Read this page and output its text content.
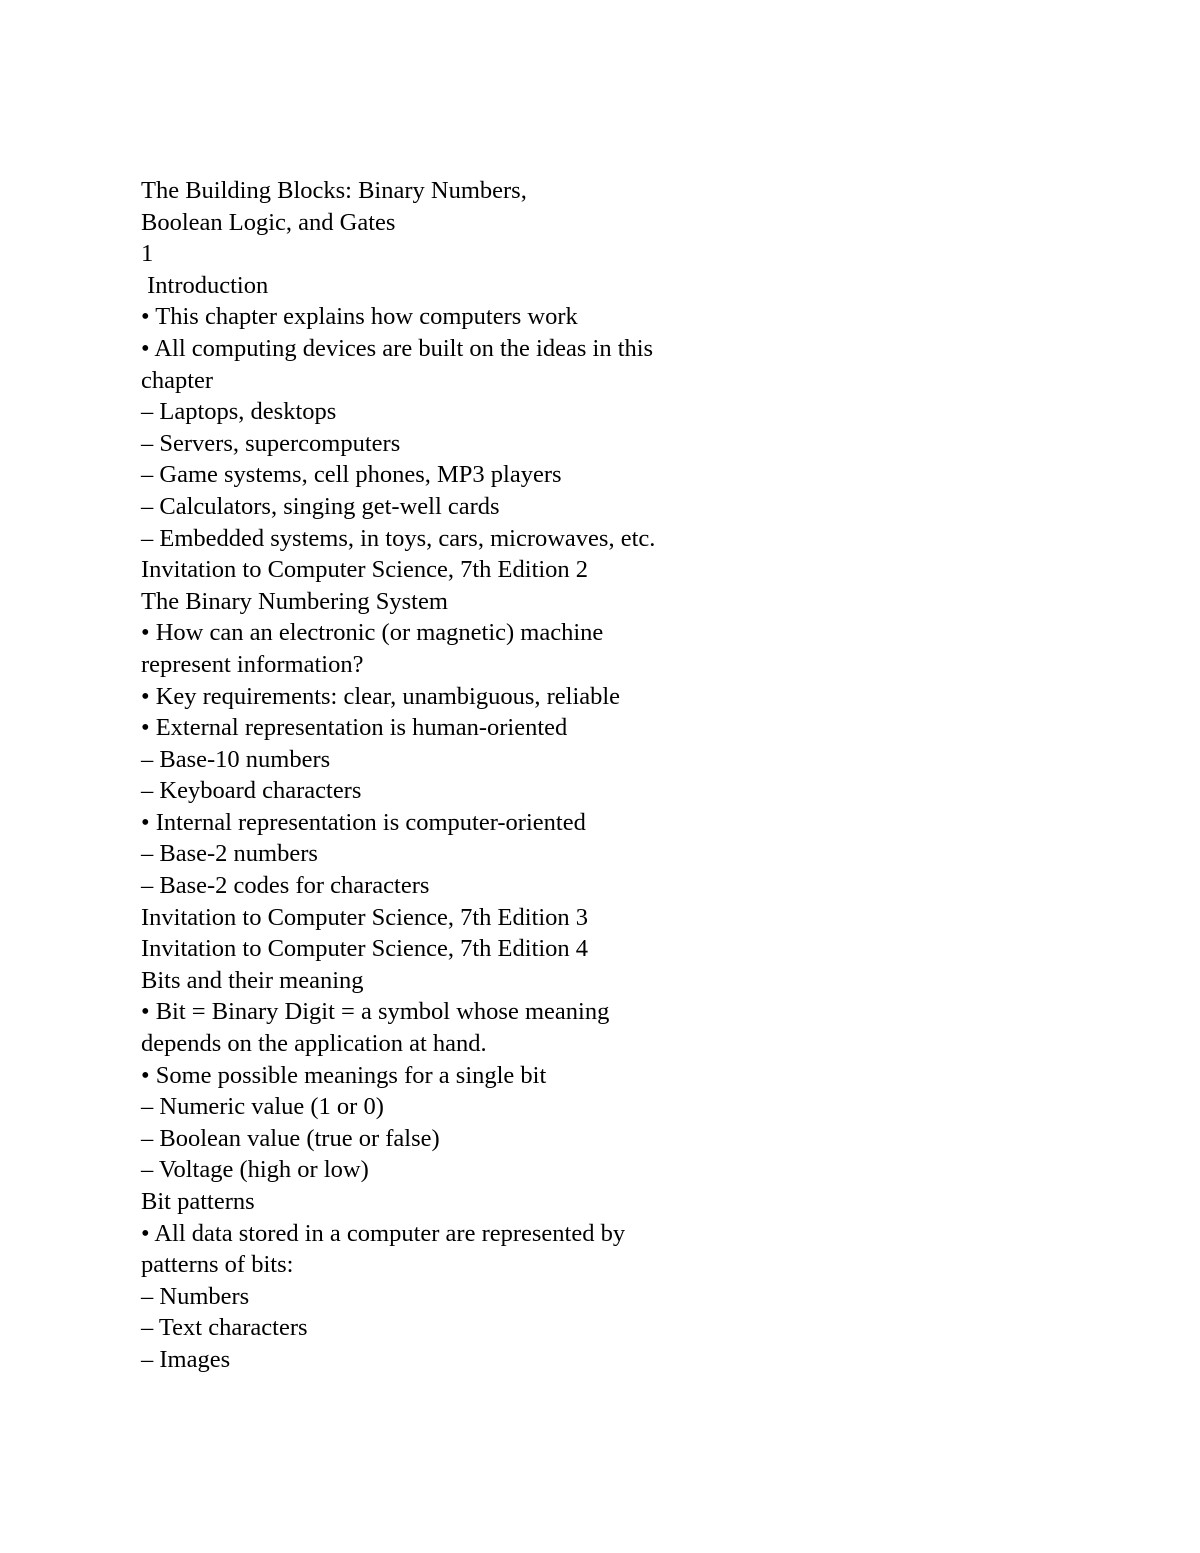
The Building Blocks: Binary Numbers,
Boolean Logic, and Gates
1
Introduction
• This chapter explains how computers work
• All computing devices are built on the ideas in this
chapter
– Laptops, desktops
– Servers, supercomputers
– Game systems, cell phones, MP3 players
– Calculators, singing get-well cards
– Embedded systems, in toys, cars, microwaves, etc.
Invitation to Computer Science, 7th Edition 2
The Binary Numbering System
• How can an electronic (or magnetic) machine
represent information?
• Key requirements: clear, unambiguous, reliable
• External representation is human-oriented
– Base-10 numbers
– Keyboard characters
• Internal representation is computer-oriented
– Base-2 numbers
– Base-2 codes for characters
Invitation to Computer Science, 7th Edition 3
Invitation to Computer Science, 7th Edition 4
Bits and their meaning
• Bit = Binary Digit = a symbol whose meaning
depends on the application at hand.
• Some possible meanings for a single bit
– Numeric value (1 or 0)
– Boolean value (true or false)
– Voltage (high or low)
Bit patterns
• All data stored in a computer are represented by
patterns of bits:
– Numbers
– Text characters
– Images
